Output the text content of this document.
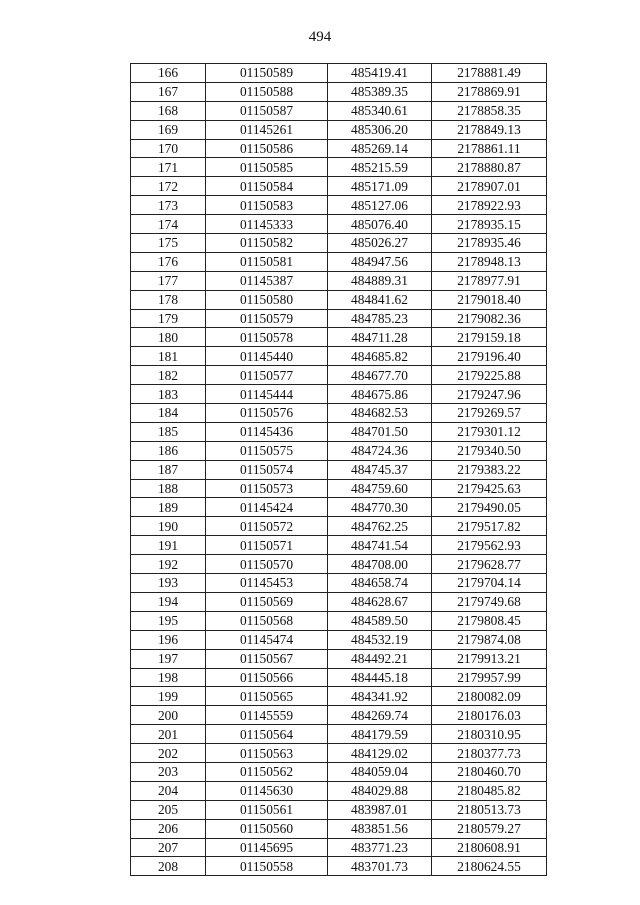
494
166	01150589	485419.41	2178881.49
167	01150588	485389.35	2178869.91
168	01150587	485340.61	2178858.35
169	01145261	485306.20	2178849.13
170	01150586	485269.14	2178861.11
171	01150585	485215.59	2178880.87
172	01150584	485171.09	2178907.01
173	01150583	485127.06	2178922.93
174	01145333	485076.40	2178935.15
175	01150582	485026.27	2178935.46
176	01150581	484947.56	2178948.13
177	01145387	484889.31	2178977.91
178	01150580	484841.62	2179018.40
179	01150579	484785.23	2179082.36
180	01150578	484711.28	2179159.18
181	01145440	484685.82	2179196.40
182	01150577	484677.70	2179225.88
183	01145444	484675.86	2179247.96
184	01150576	484682.53	2179269.57
185	01145436	484701.50	2179301.12
186	01150575	484724.36	2179340.50
187	01150574	484745.37	2179383.22
188	01150573	484759.60	2179425.63
189	01145424	484770.30	2179490.05
190	01150572	484762.25	2179517.82
191	01150571	484741.54	2179562.93
192	01150570	484708.00	2179628.77
193	01145453	484658.74	2179704.14
194	01150569	484628.67	2179749.68
195	01150568	484589.50	2179808.45
196	01145474	484532.19	2179874.08
197	01150567	484492.21	2179913.21
198	01150566	484445.18	2179957.99
199	01150565	484341.92	2180082.09
200	01145559	484269.74	2180176.03
201	01150564	484179.59	2180310.95
202	01150563	484129.02	2180377.73
203	01150562	484059.04	2180460.70
204	01145630	484029.88	2180485.82
205	01150561	483987.01	2180513.73
206	01150560	483851.56	2180579.27
207	01145695	483771.23	2180608.91
208	01150558	483701.73	2180624.55
